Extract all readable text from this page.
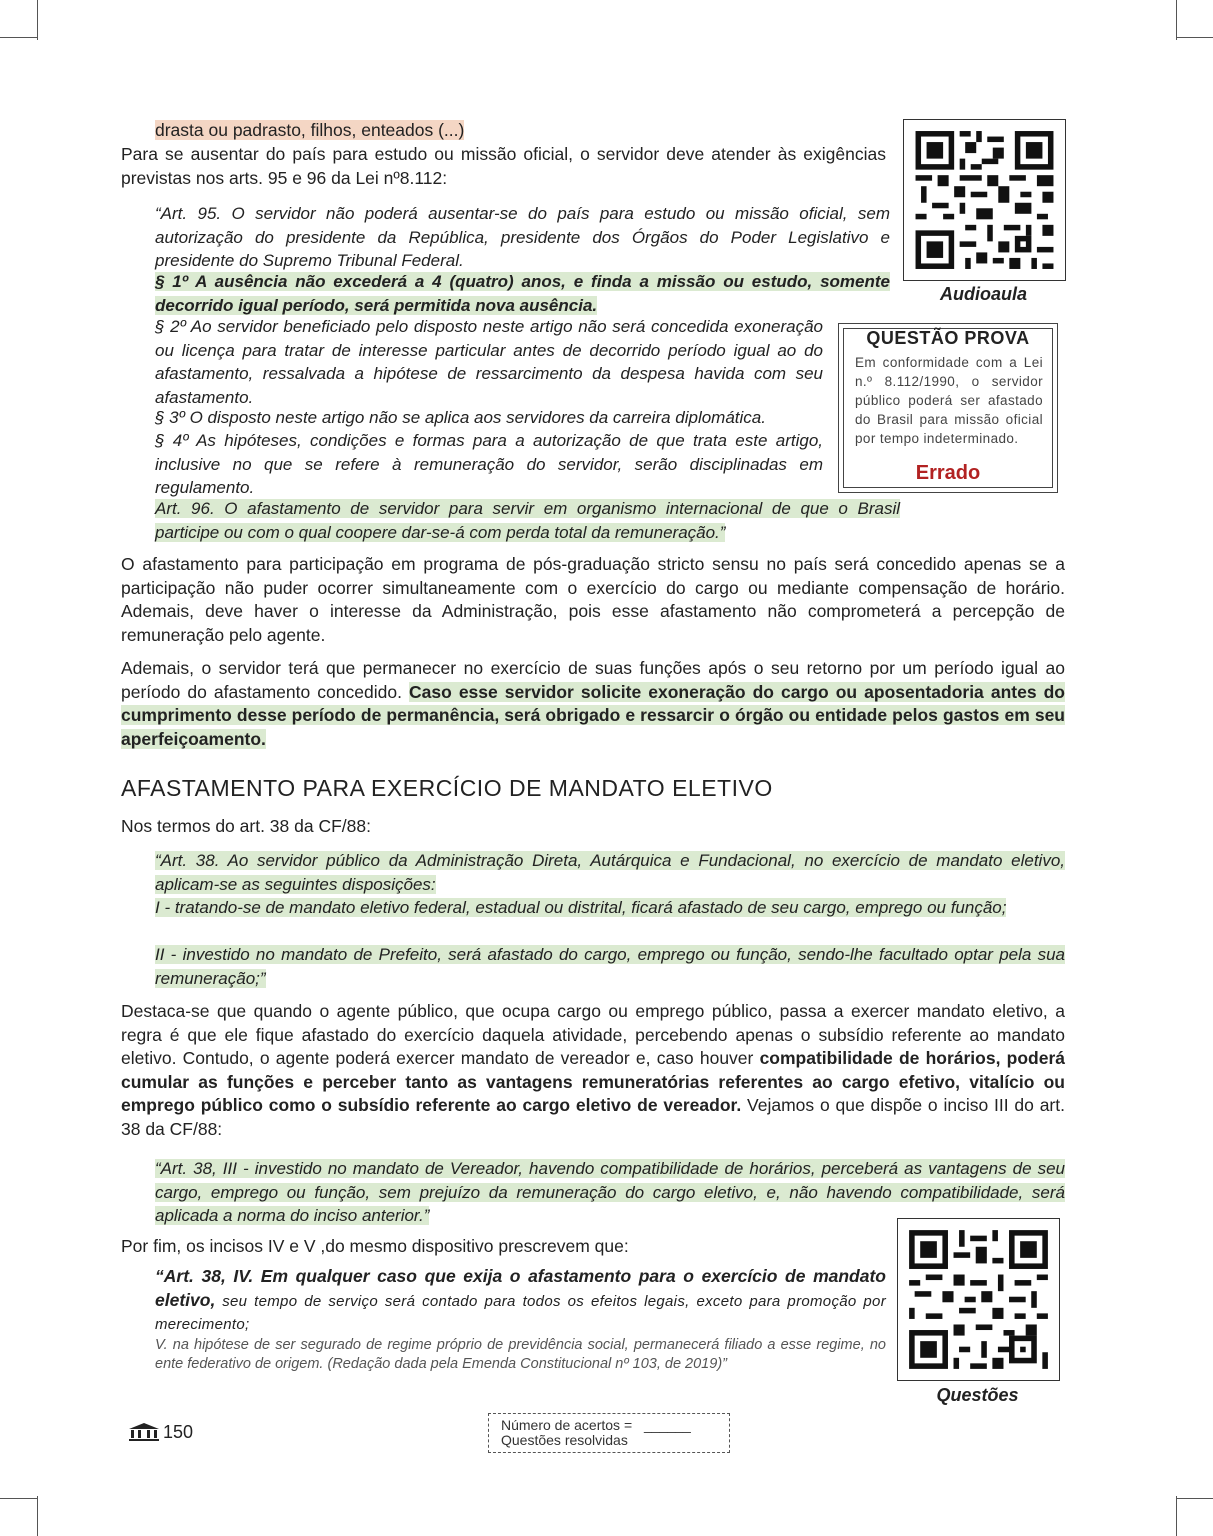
drasta ou padrasto, filhos, enteados (...)

Para se ausentar do país para estudo ou missão oficial, o servidor deve atender às exigências previstas nos arts. 95 e 96 da Lei nº8.112:

“Art. 95. O servidor não poderá ausentar-se do país para estudo ou missão oficial, sem autorização do presidente da República, presidente dos Órgãos do Poder Legislativo e presidente do Supremo Tribunal Federal.

§ 1º A ausência não excederá a 4 (quatro) anos, e finda a missão ou estudo, somente decorrido igual período, será permitida nova ausência.

§ 2º Ao servidor beneficiado pelo disposto neste artigo não será concedida exoneração ou licença para tratar de interesse particular antes de decorrido período igual ao do afastamento, ressalvada a hipótese de ressarcimento da despesa havida com seu afastamento.

§ 3º O disposto neste artigo não se aplica aos servidores da carreira diplomática.

§ 4º As hipóteses, condições e formas para a autorização de que trata este artigo, inclusive no que se refere à remuneração do servidor, serão disciplinadas em regulamento.

Art. 96. O afastamento de servidor para servir em organismo internacional de que o Brasil participe ou com o qual coopere dar-se-á com perda total da remuneração.”

Audioaula
QUESTÃO PROVA
Em conformidade com a Lei n.º 8.112/1990, o servidor público poderá ser afastado do Brasil para missão oficial por tempo indeterminado.
Errado

O afastamento para participação em programa de pós-graduação stricto sensu no país será concedido apenas se a participação não puder ocorrer simultaneamente com o exercício do cargo ou mediante compensação de horário. Ademais, deve haver o interesse da Administração, pois esse afastamento não comprometerá a percepção de remuneração pelo agente.

Ademais, o servidor terá que permanecer no exercício de suas funções após o seu retorno por um período igual ao período do afastamento concedido. Caso esse servidor solicite exoneração do cargo ou aposentadoria antes do cumprimento desse período de permanência, será obrigado e ressarcir o órgão ou entidade pelos gastos em seu aperfeiçoamento.

AFASTAMENTO PARA EXERCÍCIO DE MANDATO ELETIVO

Nos termos do art. 38 da CF/88:

“Art. 38. Ao servidor público da Administração Direta, Autárquica e Fundacional, no exercício de mandato eletivo, aplicam-se as seguintes disposições:

I - tratando-se de mandato eletivo federal, estadual ou distrital, ficará afastado de seu cargo, emprego ou função;

II - investido no mandato de Prefeito, será afastado do cargo, emprego ou função, sendo-lhe facultado optar pela sua remuneração;”

Destaca-se que quando o agente público, que ocupa cargo ou emprego público, passa a exercer mandato eletivo, a regra é que ele fique afastado do exercício daquela atividade, percebendo apenas o subsídio referente ao mandato eletivo. Contudo, o agente poderá exercer mandato de vereador e, caso houver compatibilidade de horários, poderá cumular as funções e perceber tanto as vantagens remuneratórias referentes ao cargo efetivo, vitalício ou emprego público como o subsídio referente ao cargo eletivo de vereador. Vejamos o que dispõe o inciso III do art. 38 da CF/88:

“Art. 38, III - investido no mandato de Vereador, havendo compatibilidade de horários, perceberá as vantagens de seu cargo, emprego ou função, sem prejuízo da remuneração do cargo eletivo, e, não havendo compatibilidade, será aplicada a norma do inciso anterior.”

Por fim, os incisos IV e V ,do mesmo dispositivo prescrevem que:

“Art. 38, IV. Em qualquer caso que exija o afastamento para o exercício de mandato eletivo, seu tempo de serviço será contado para todos os efeitos legais, exceto para promoção por merecimento;

V. na hipótese de ser segurado de regime próprio de previdência social, permanecerá filiado a esse regime, no ente federativo de origem. (Redação dada pela Emenda Constitucional nº 103, de 2019)”

Questões
150	Número de acertos = ______
Questões resolvidas
